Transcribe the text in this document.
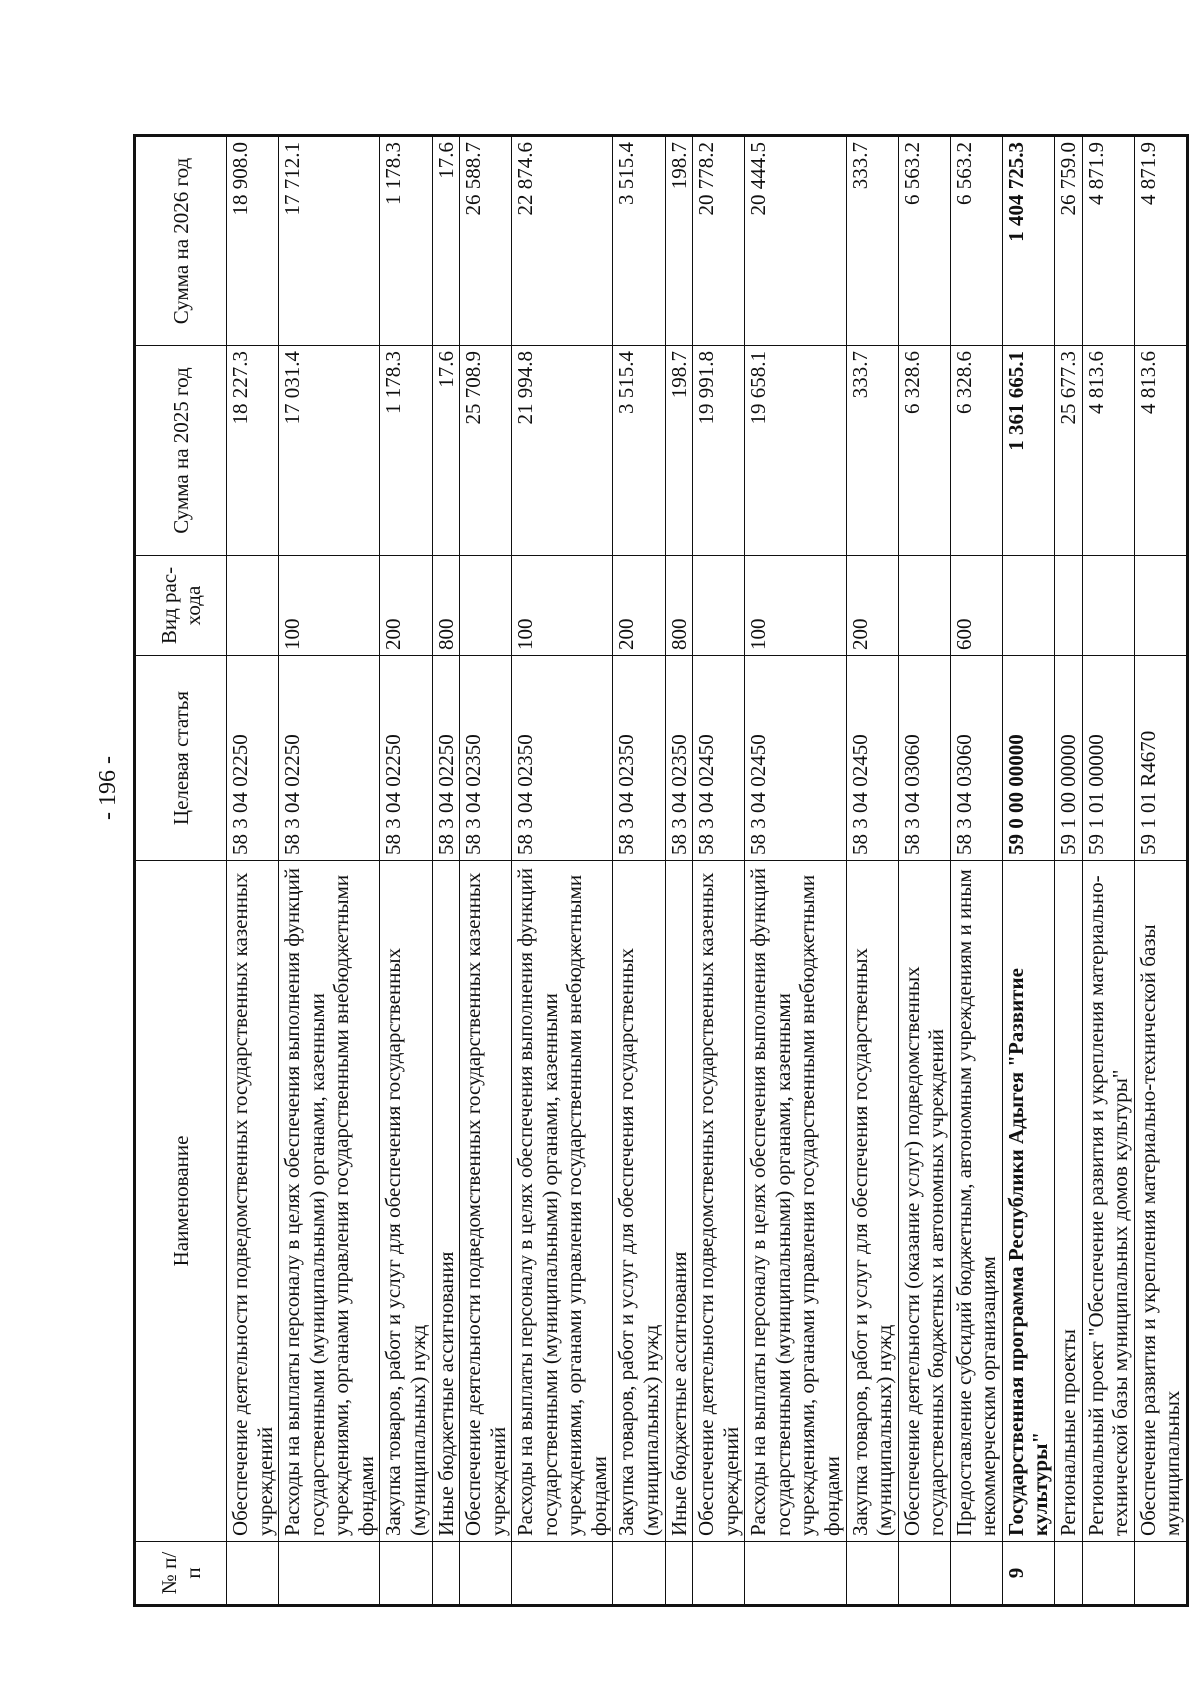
- 196 -
№ п/п	Наименование	Целевая статья	Вид рас-хода	Сумма на 2025 год	Сумма на 2026 год
	Обеспечение деятельности подведомственных государственных казенных учреждений	58 3 04 02250		18 227.3	18 908.0
	Расходы на выплаты персоналу в целях обеспечения выполнения функций государственными (муниципальными) органами, казенными учреждениями, органами управления государственными внебюджетными фондами	58 3 04 02250	100	17 031.4	17 712.1
	Закупка товаров, работ и услуг для обеспечения государственных (муниципальных) нужд	58 3 04 02250	200	1 178.3	1 178.3
	Иные бюджетные ассигнования	58 3 04 02250	800	17.6	17.6
	Обеспечение деятельности подведомственных государственных казенных учреждений	58 3 04 02350		25 708.9	26 588.7
	Расходы на выплаты персоналу в целях обеспечения выполнения функций государственными (муниципальными) органами, казенными учреждениями, органами управления государственными внебюджетными фондами	58 3 04 02350	100	21 994.8	22 874.6
	Закупка товаров, работ и услуг для обеспечения государственных (муниципальных) нужд	58 3 04 02350	200	3 515.4	3 515.4
	Иные бюджетные ассигнования	58 3 04 02350	800	198.7	198.7
	Обеспечение деятельности подведомственных государственных казенных учреждений	58 3 04 02450		19 991.8	20 778.2
	Расходы на выплаты персоналу в целях обеспечения выполнения функций государственными (муниципальными) органами, казенными учреждениями, органами управления государственными внебюджетными фондами	58 3 04 02450	100	19 658.1	20 444.5
	Закупка товаров, работ и услуг для обеспечения государственных (муниципальных) нужд	58 3 04 02450	200	333.7	333.7
	Обеспечение деятельности (оказание услуг) подведомственных государственных бюджетных и автономных учреждений	58 3 04 03060		6 328.6	6 563.2
	Предоставление субсидий бюджетным, автономным учреждениям и иным некоммерческим организациям	58 3 04 03060	600	6 328.6	6 563.2
9	Государственная программа Республики Адыгея "Развитие культуры"	59 0 00 00000		1 361 665.1	1 404 725.3
	Региональные проекты	59 1 00 00000		25 677.3	26 759.0
	Региональный проект "Обеспечение развития и укрепления материально-технической базы муниципальных домов культуры"	59 1 01 00000		4 813.6	4 871.9
	Обеспечение развития и укрепления материально-технической базы муниципальных	59 1 01 R4670		4 813.6	4 871.9
